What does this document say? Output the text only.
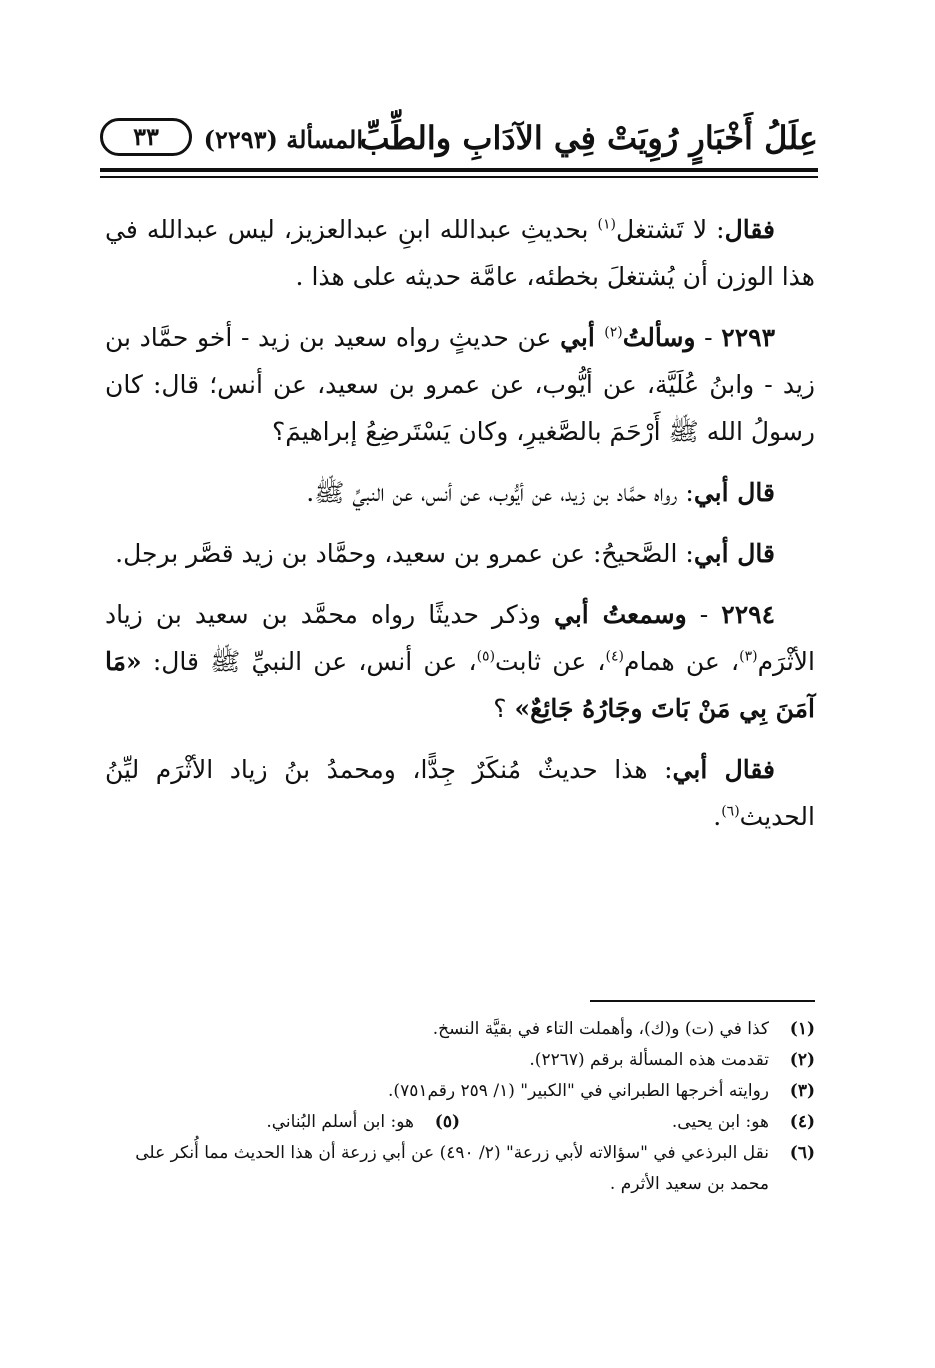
عِلَلُ أَخْبَارٍ رُوِيَتْ فِي الآدَابِ والطِّبِّ
المسألة (٢٢٩٣)
٣٣

فقال: لا تَشتغل$^{(١)}$ بحديثِ عبدالله ابنِ عبدالعزيز، ليس عبدالله في هذا الوزن أن يُشتغلَ بخطئه، عامَّة حديثه على هذا .

٢٢٩٣ - وسألتُ$^{(٢)}$ أبي عن حديثٍ رواه سعيد بن زيد - أخو حمَّاد بن زيد - وابنُ عُلَيَّة، عن أيُّوب، عن عمرو بن سعيد، عن أنس؛ قال: كان رسولُ الله ﷺ أَرْحَمَ بالصَّغيرِ، وكان يَسْتَرضِعُ إبراهيمَ؟

قال أبي: رواه حمَّاد بن زيد، عن أيُّوب، عن أنس، عن النبيِّ ﷺ.

قال أبي: الصَّحيحُ: عن عمرو بن سعيد، وحمَّاد بن زيد قصَّر برجل.

٢٢٩٤ - وسمعتُ أبي وذكر حديثًا رواه محمَّد بن سعيد بن زياد الأثْرَم$^{(٣)}$، عن همام$^{(٤)}$، عن ثابت$^{(٥)}$، عن أنس، عن النبيِّ ﷺ قال: «مَا آمَنَ بِي مَنْ بَاتَ وجَارُهُ جَائِعٌ» ؟

فقال أبي: هذا حديثٌ مُنكَرٌ جِدًّا، ومحمدُ بنُ زياد الأثْرَم ليِّنُ الحديث$^{(٦)}$.

(١)
كذا في (ت) و(ك)، وأهملت التاء في بقيَّة النسخ.

(٢)
تقدمت هذه المسألة برقم (٢٢٦٧).

(٣)
روايته أخرجها الطبراني في "الكبير" (١/ ٢٥٩ رقم٧٥١).

(٤)
هو: ابن يحيى.
(٥)
هو: ابن أسلم البُناني.

(٦)
نقل البرذعي في "سؤالاته لأبي زرعة" (٢/ ٤٩٠) عن أبي زرعة أن هذا الحديث مما أُنكر على محمد بن سعيد الأثرم .
